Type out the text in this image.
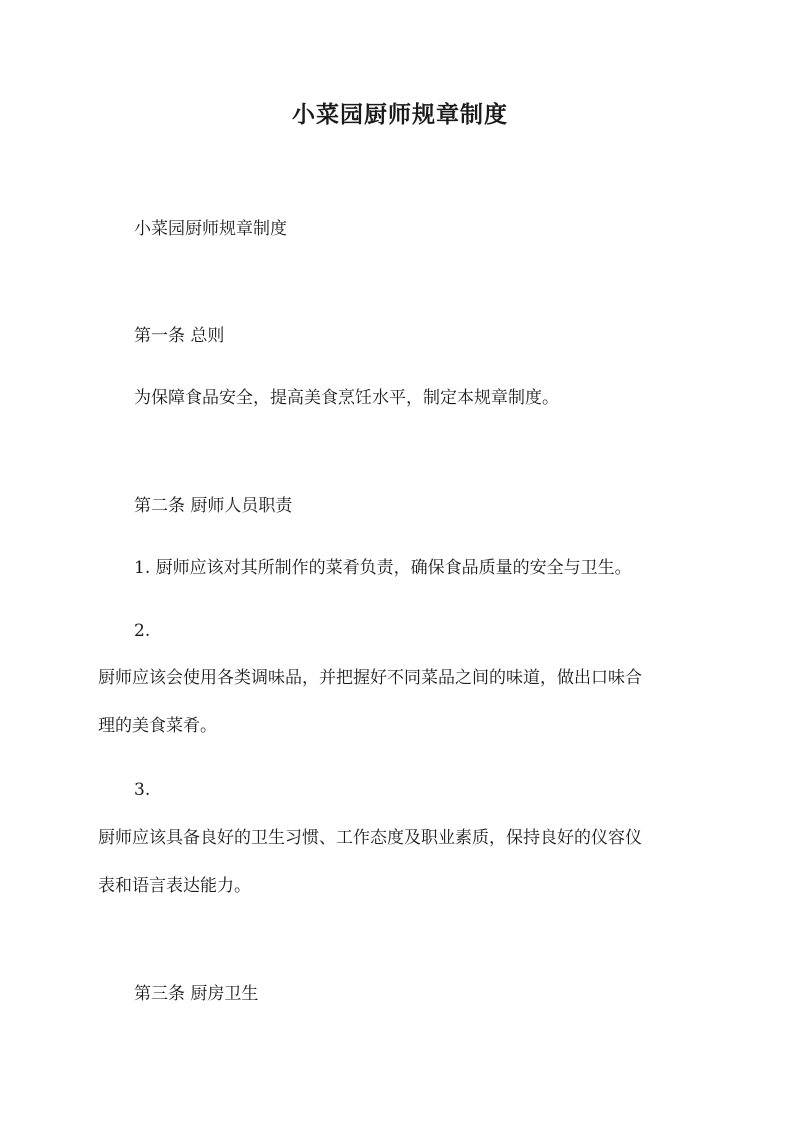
小菜园厨师规章制度

小菜园厨师规章制度

第一条 总则

为保障食品安全，提高美食烹饪水平，制定本规章制度。

第二条 厨师人员职责

1. 厨师应该对其所制作的菜肴负责，确保食品质量的安全与卫生。

2.

厨师应该会使用各类调味品，并把握好不同菜品之间的味道，做出口味合

理的美食菜肴。

3.

厨师应该具备良好的卫生习惯、工作态度及职业素质，保持良好的仪容仪

表和语言表达能力。

第三条 厨房卫生
